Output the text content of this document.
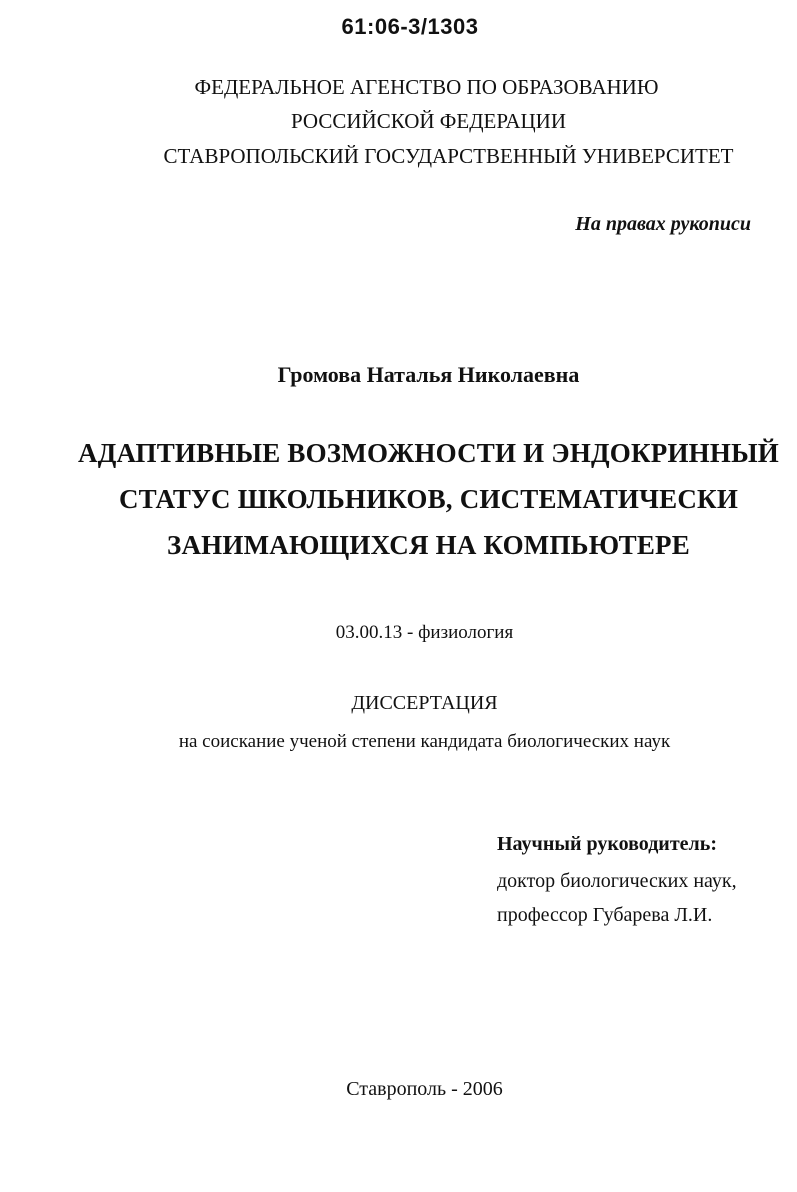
61:06-3/1303
ФЕДЕРАЛЬНОЕ АГЕНСТВО ПО ОБРАЗОВАНИЮ
РОССИЙСКОЙ ФЕДЕРАЦИИ
СТАВРОПОЛЬСКИЙ ГОСУДАРСТВЕННЫЙ УНИВЕРСИТЕТ
На правах рукописи
Громова Наталья Николаевна
АДАПТИВНЫЕ ВОЗМОЖНОСТИ И ЭНДОКРИННЫЙ
СТАТУС ШКОЛЬНИКОВ, СИСТЕМАТИЧЕСКИ
ЗАНИМАЮЩИХСЯ НА КОМПЬЮТЕРЕ
03.00.13 - физиология
ДИССЕРТАЦИЯ
на соискание ученой степени кандидата биологических наук
Научный руководитель:
доктор биологических наук,
профессор Губарева Л.И.
Ставрополь - 2006
